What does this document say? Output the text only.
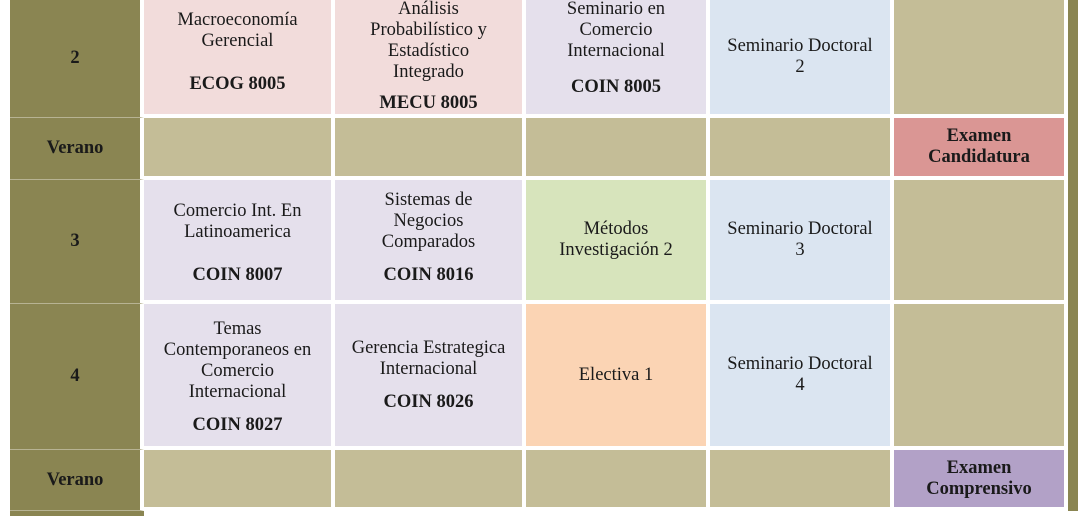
2
Macroeconomía
Gerencial
ECOG 8005
Análisis
Probabilístico y
Estadístico
Integrado
MECU 8005
Seminario en
Comercio
Internacional
COIN 8005
Seminario Doctoral
2
Verano
Examen
Candidatura
3
Comercio Int. En
Latinoamerica
COIN 8007
Sistemas de
Negocios
Comparados
COIN 8016
Métodos
Investigación 2
Seminario Doctoral
3
4
Temas
Contemporaneos en
Comercio
Internacional
COIN 8027
Gerencia Estrategica
Internacional
COIN 8026
Electiva 1
Seminario Doctoral
4
Verano
Examen
Comprensivo
